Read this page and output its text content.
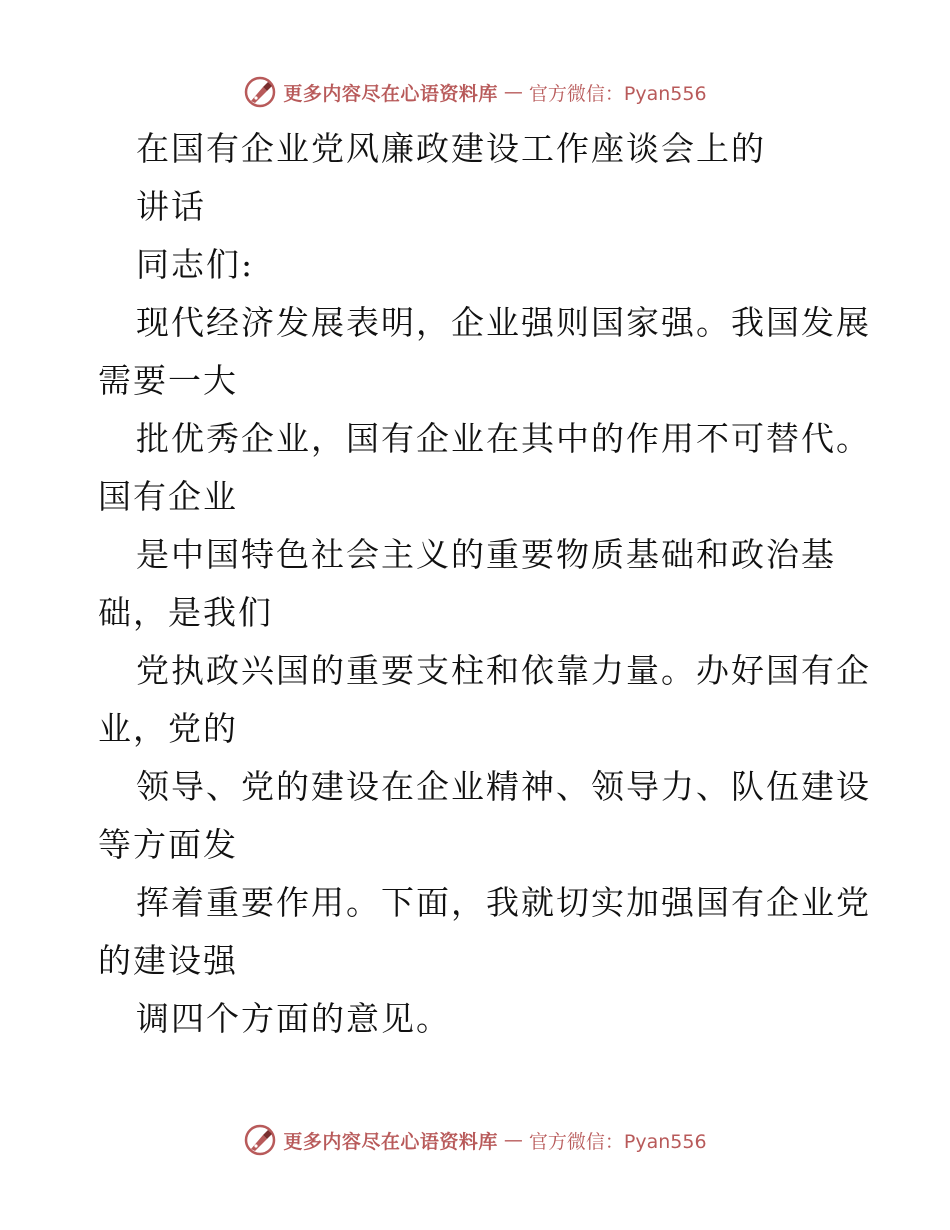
更多内容尽在心语资料库 — 官方微信：Pyan556
在国有企业党风廉政建设工作座谈会上的
讲话
同志们:
现代经济发展表明，企业强则国家强。我国发展
需要一大
批优秀企业，国有企业在其中的作用不可替代。
国有企业
是中国特色社会主义的重要物质基础和政治基
础，是我们
党执政兴国的重要支柱和依靠力量。办好国有企
业，党的
领导、党的建设在企业精神、领导力、队伍建设
等方面发
挥着重要作用。下面，我就切实加强国有企业党
的建设强
调四个方面的意见。
更多内容尽在心语资料库 — 官方微信：Pyan556
